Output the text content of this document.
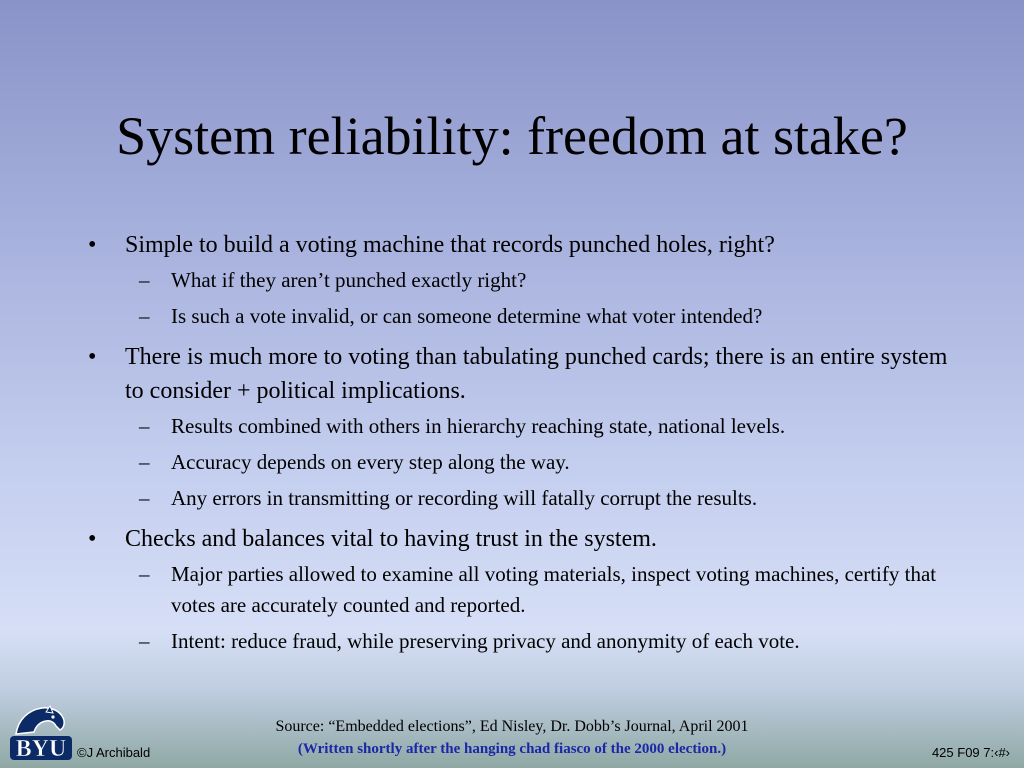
System reliability: freedom at stake?
• Simple to build a voting machine that records punched holes, right?
– What if they aren’t punched exactly right?
– Is such a vote invalid, or can someone determine what voter intended?
• There is much more to voting than tabulating punched cards; there is an entire system to consider + political implications.
– Results combined with others in hierarchy reaching state, national levels.
– Accuracy depends on every step along the way.
– Any errors in transmitting or recording will fatally corrupt the results.
• Checks and balances vital to having trust in the system.
– Major parties allowed to examine all voting materials, inspect voting machines, certify that votes are accurately counted and reported.
– Intent: reduce fraud, while preserving privacy and anonymity of each vote.
BYU ©J Archibald
Source: “Embedded elections”, Ed Nisley, Dr. Dobb’s Journal, April 2001
(Written shortly after the hanging chad fiasco of the 2000 election.)	425 F09 7:‹#›
